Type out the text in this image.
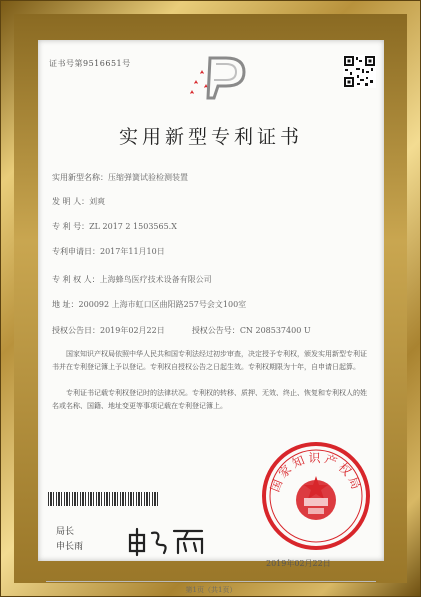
证书号第9516651号
实用新型专利证书
实用新型名称：压缩弹簧试验检测装置
发 明 人：刘爽
专 利 号：ZL 2017 2 1503565.X
专利申请日：2017年11月10日
专 利 权 人：上海蜂鸟医疗技术设备有限公司
地 址：200092 上海市虹口区曲阳路257号会文100室
授权公告日：2019年02月22日	授权公告号：CN 208537400 U
国家知识产权局依照中华人民共和国专利法经过初步审查，决定授予专利权，颁发实用新型专利证书并在专利登记簿上予以登记。专利权自授权公告之日起生效。专利权期限为十年，自申请日起算。
专利证书记载专利权登记时的法律状况。专利权的转移、质押、无效、终止、恢复和专利权人的姓名或名称、国籍、地址变更等事项记载在专利登记簿上。
局长
申长雨
国家知识产权局
2019年02月22日
第1页（共1页）
